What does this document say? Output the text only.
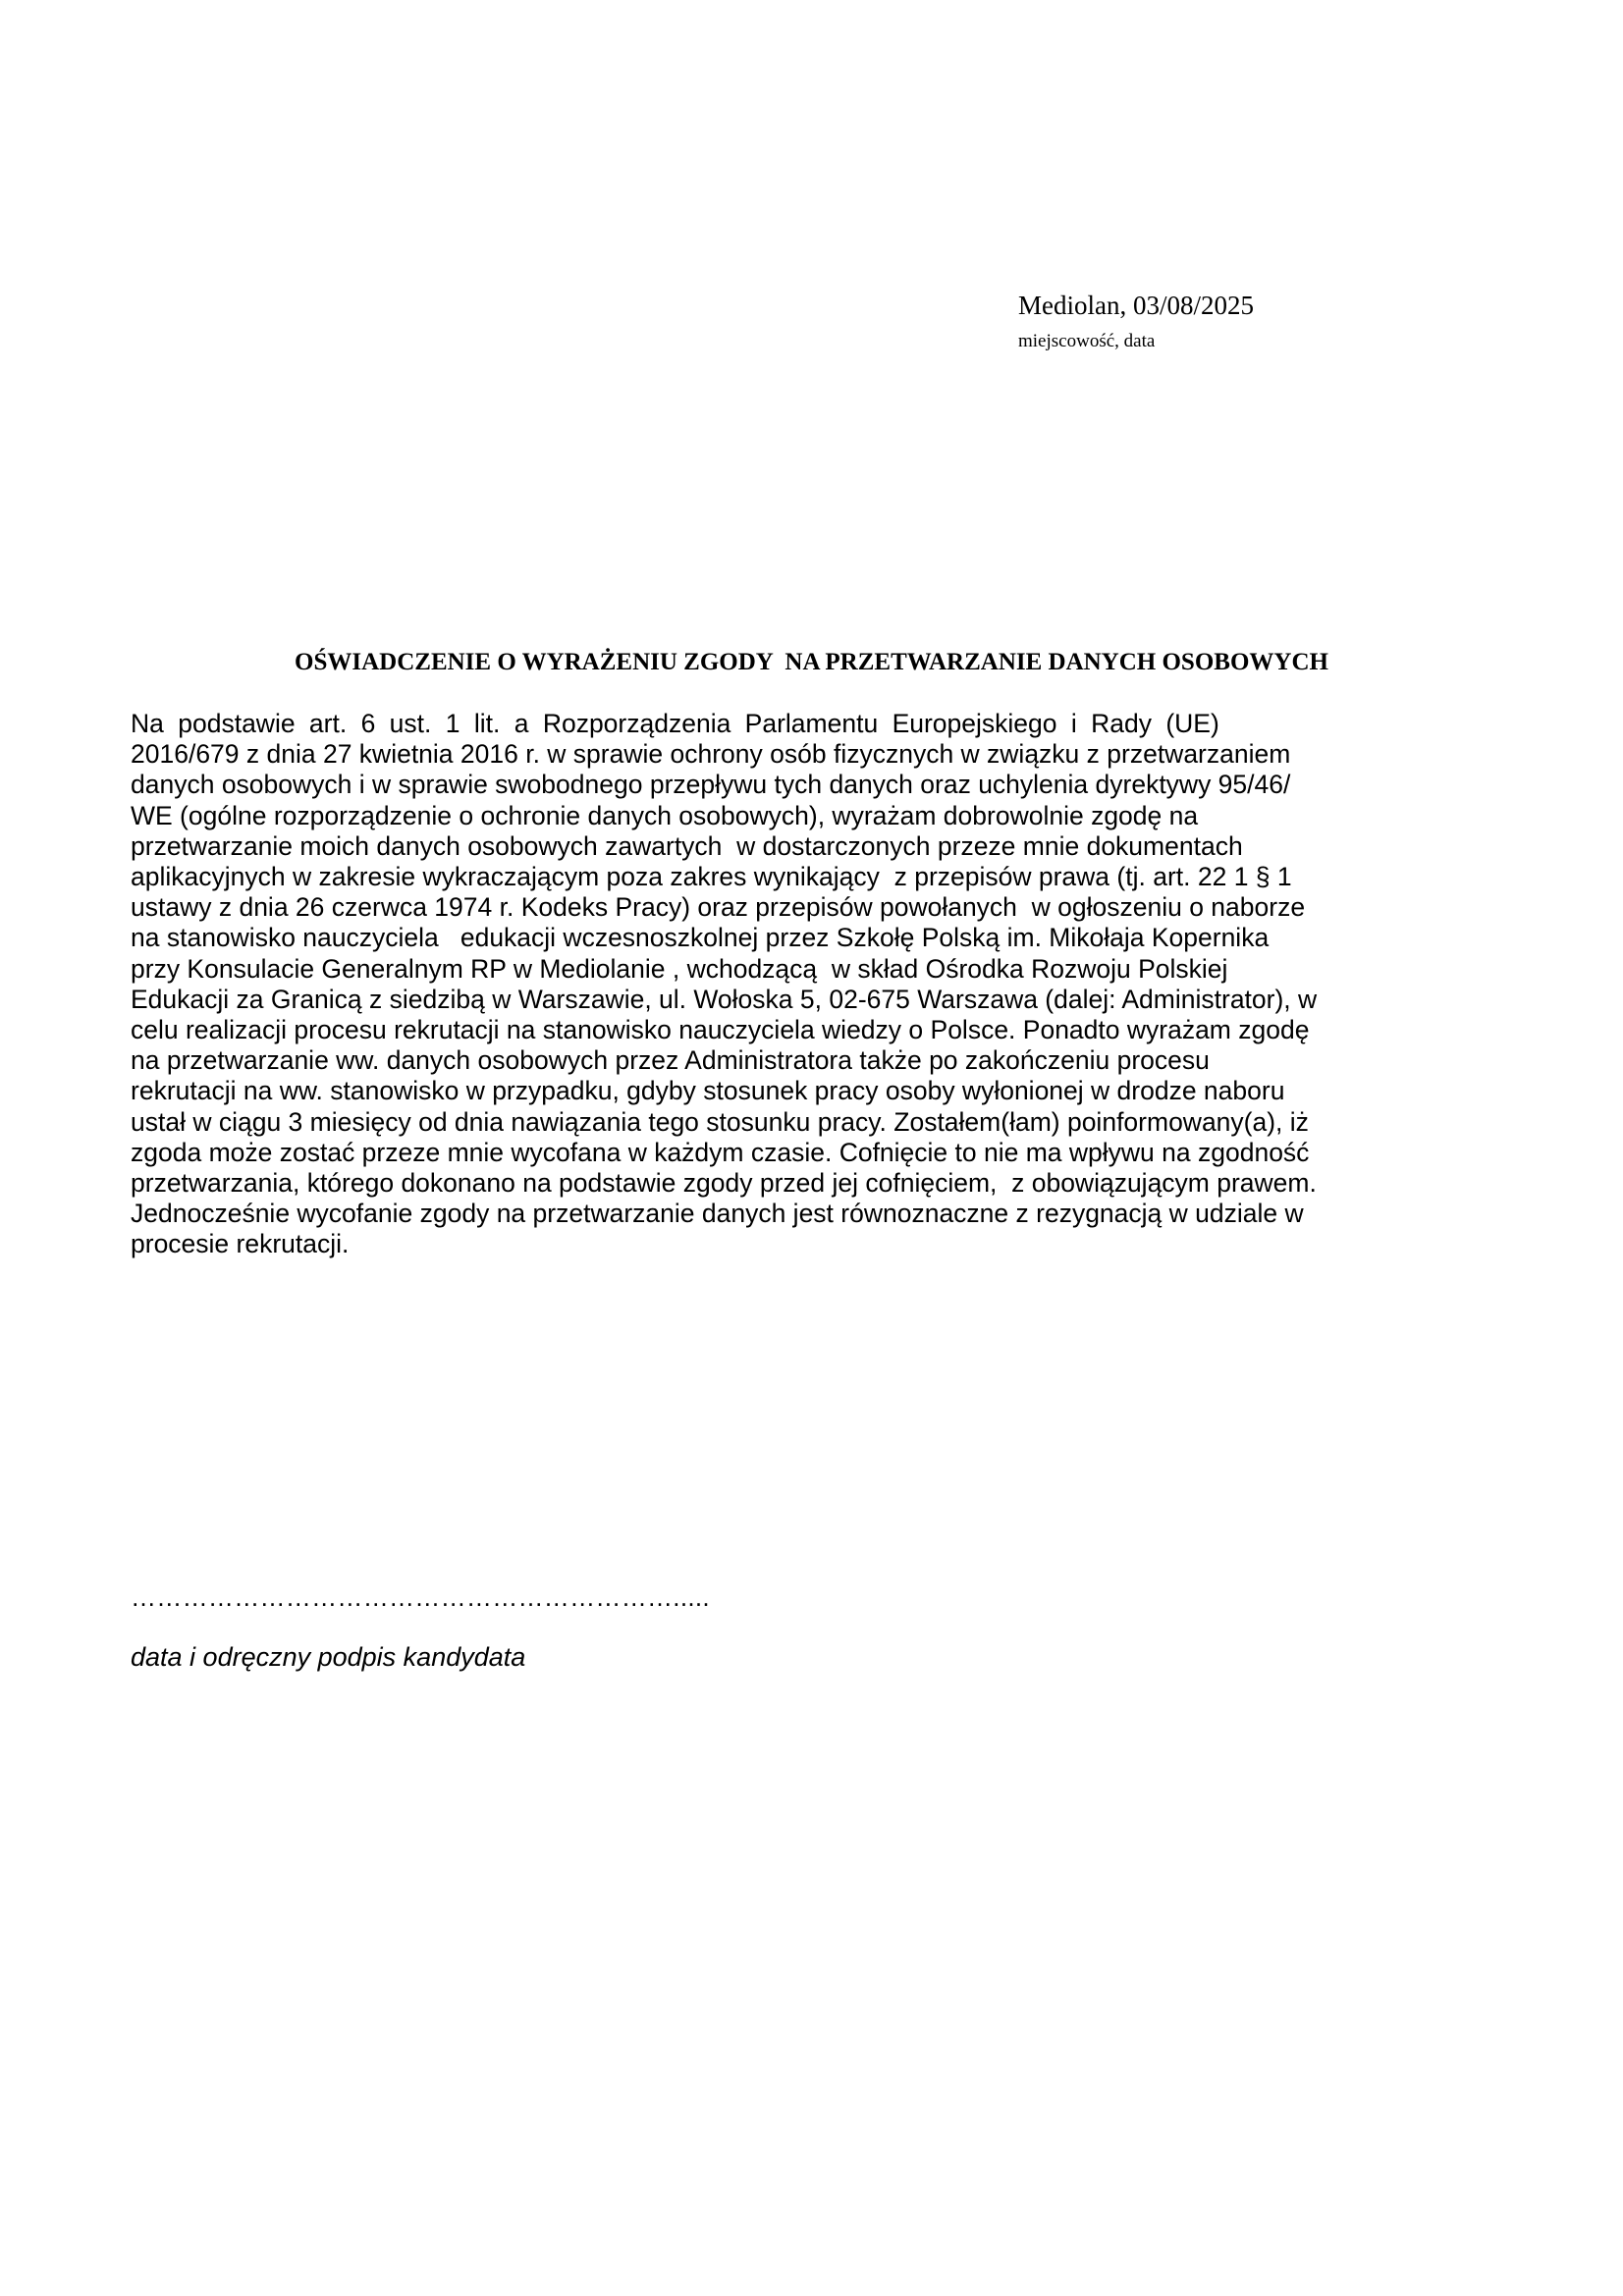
Mediolan, 03/08/2025
miejscowość, data
OŚWIADCZENIE O WYRAŻENIU ZGODY  NA PRZETWARZANIE DANYCH OSOBOWYCH
Na podstawie art. 6 ust. 1 lit. a Rozporządzenia Parlamentu Europejskiego i Rady (UE)
2016/679 z dnia 27 kwietnia 2016 r. w sprawie ochrony osób fizycznych w związku z przetwarzaniem
danych osobowych i w sprawie swobodnego przepływu tych danych oraz uchylenia dyrektywy 95/46/
WE (ogólne rozporządzenie o ochronie danych osobowych), wyrażam dobrowolnie zgodę na
przetwarzanie moich danych osobowych zawartych  w dostarczonych przeze mnie dokumentach
aplikacyjnych w zakresie wykraczającym poza zakres wynikający  z przepisów prawa (tj. art. 22 1 § 1
ustawy z dnia 26 czerwca 1974 r. Kodeks Pracy) oraz przepisów powołanych  w ogłoszeniu o naborze
na stanowisko nauczyciela   edukacji wczesnoszkolnej przez Szkołę Polską im. Mikołaja Kopernika
przy Konsulacie Generalnym RP w Mediolanie , wchodzącą  w skład Ośrodka Rozwoju Polskiej
Edukacji za Granicą z siedzibą w Warszawie, ul. Wołoska 5, 02-675 Warszawa (dalej: Administrator), w
celu realizacji procesu rekrutacji na stanowisko nauczyciela wiedzy o Polsce. Ponadto wyrażam zgodę
na przetwarzanie ww. danych osobowych przez Administratora także po zakończeniu procesu
rekrutacji na ww. stanowisko w przypadku, gdyby stosunek pracy osoby wyłonionej w drodze naboru
ustał w ciągu 3 miesięcy od dnia nawiązania tego stosunku pracy. Zostałem(łam) poinformowany(a), iż
zgoda może zostać przeze mnie wycofana w każdym czasie. Cofnięcie to nie ma wpływu na zgodność
przetwarzania, którego dokonano na podstawie zgody przed jej cofnięciem,  z obowiązującym prawem.
Jednocześnie wycofanie zgody na przetwarzanie danych jest równoznaczne z rezygnacją w udziale w
procesie rekrutacji.
……………………………………………………….....
data i odręczny podpis kandydata
